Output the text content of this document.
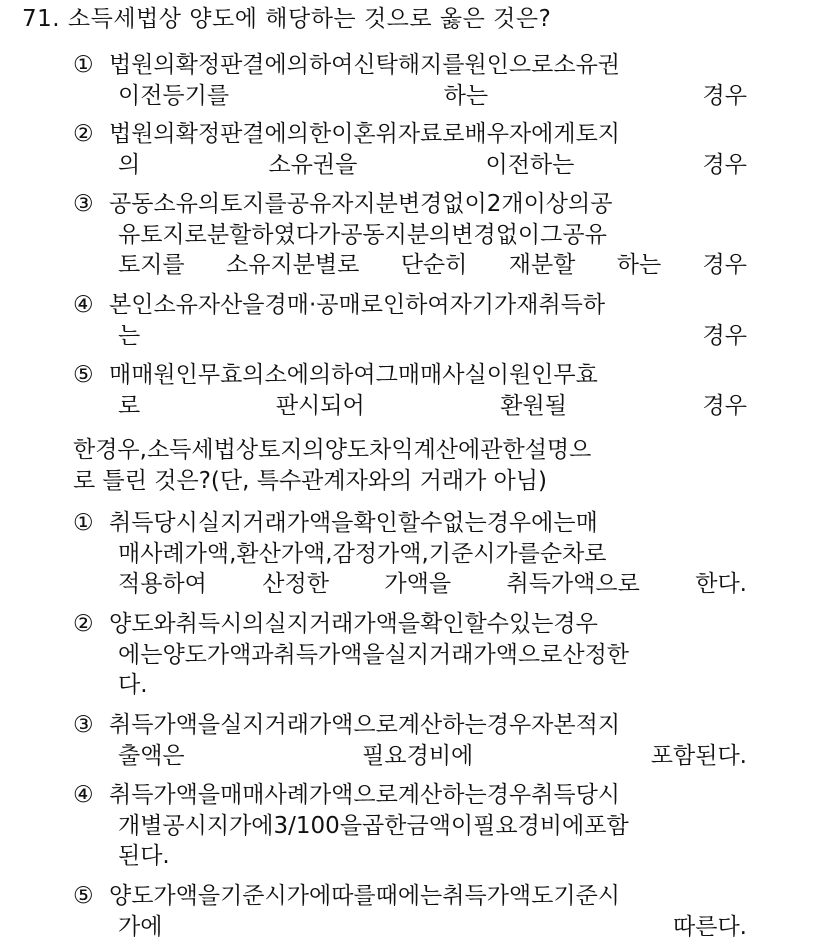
71. 소득세법상 양도에 해당하는 것으로 옳은 것은?
① 법원의확정판결에의하여신탁해지를원인으로소유권
이전등기를 하는 경우
② 법원의확정판결에의한이혼위자료로배우자에게토지
의 소유권을 이전하는 경우
③ 공동소유의토지를공유자지분변경없이2개이상의공
유토지로분할하였다가공동지분의변경없이그공유
토지를 소유지분별로 단순히 재분할 하는 경우
④ 본인소유자산을경매·공매로인하여자기가재취득하
는 경우
⑤ 매매원인무효의소에의하여그매매사실이원인무효
로 판시되어 환원될 경우
한경우,소득세법상토지의양도차익계산에관한설명으
로 틀린 것은?(단, 특수관계자와의 거래가 아님)
① 취득당시실지거래가액을확인할수없는경우에는매
매사례가액,환산가액,감정가액,기준시가를순차로
적용하여 산정한 가액을 취득가액으로 한다.
② 양도와취득시의실지거래가액을확인할수있는경우
에는양도가액과취득가액을실지거래가액으로산정한
다.
③ 취득가액을실지거래가액으로계산하는경우자본적지
출액은 필요경비에 포함된다.
④ 취득가액을매매사례가액으로계산하는경우취득당시
개별공시지가에3/100을곱한금액이필요경비에포함
된다.
⑤ 양도가액을기준시가에따를때에는취득가액도기준시
가에 따른다.
